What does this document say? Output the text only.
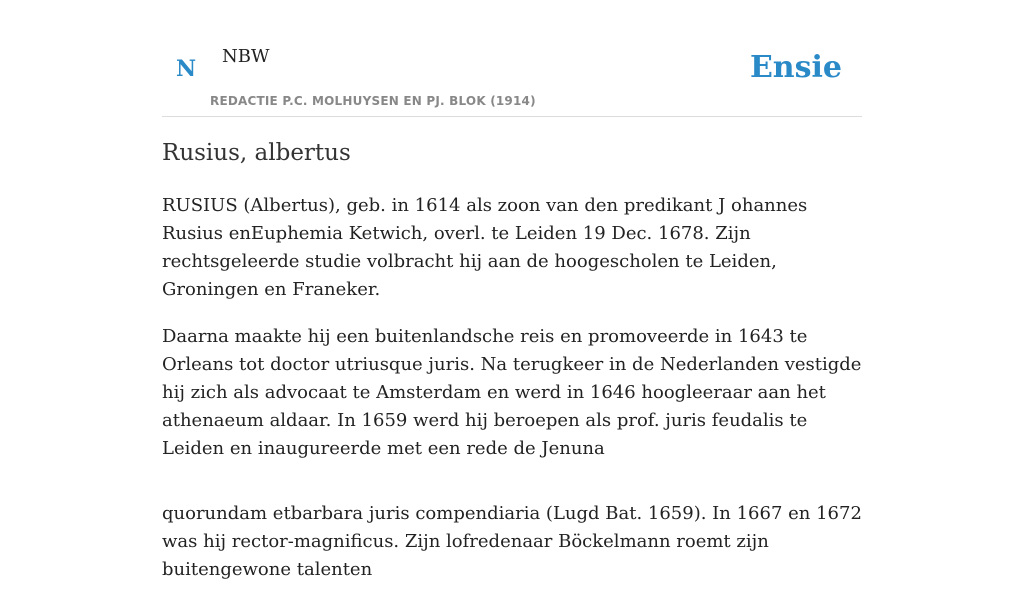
N NBW
REDACTIE P.C. MOLHUYSEN EN PJ. BLOK (1914)
Ensie
Rusius, albertus

RUSIUS (Albertus), geb. in 1614 als zoon van den predikant J ohannes Rusius enEuphemia Ketwich, overl. te Leiden 19 Dec. 1678. Zijn rechtsgeleerde studie volbracht hij aan de hoogescholen te Leiden, Groningen en Franeker.

Daarna maakte hij een buitenlandsche reis en promoveerde in 1643 te Orleans tot doctor utriusque juris. Na terugkeer in de Nederlanden vestigde hij zich als advocaat te Amsterdam en werd in 1646 hoogleeraar aan het athenaeum aldaar. In 1659 werd hij beroepen als prof. juris feudalis te Leiden en inaugureerde met een rede de Jenuna

quorundam etbarbara juris compendiaria (Lugd Bat. 1659). In 1667 en 1672 was hij rector-magnificus. Zijn lofredenaar Böckelmann roemt zijn buitengewone talenten
